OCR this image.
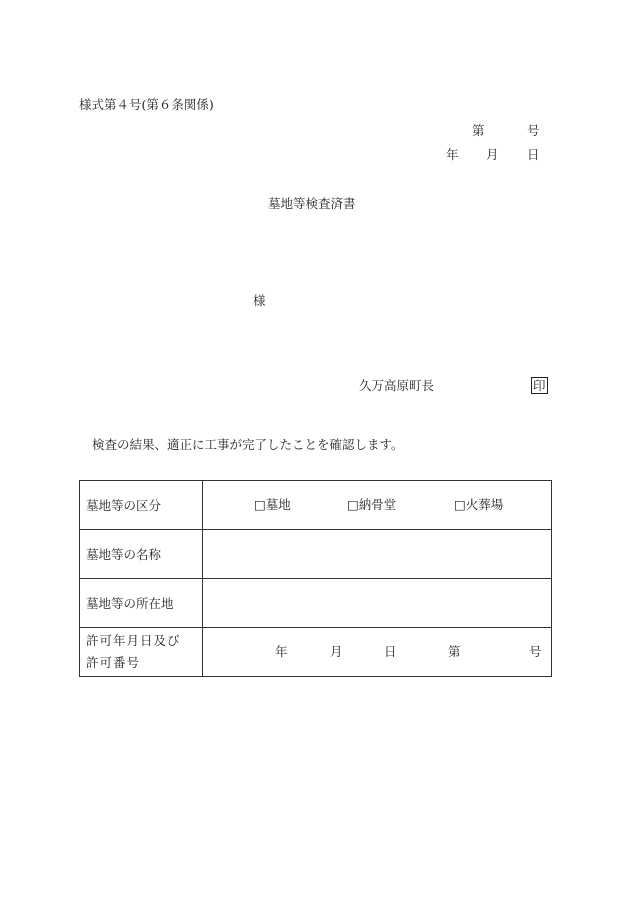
様式第４号(第６条関係)
第	号
年 月 日
墓地等検査済書
様
久万高原町長	印
検査の結果、適正に工事が完了したことを確認します。
墓地等の区分	□墓地 □納骨堂 □火葬場

墓地等の名称	
墓地等の所在地	

許可年月日及び
許可番号	年 月 日 第 号
